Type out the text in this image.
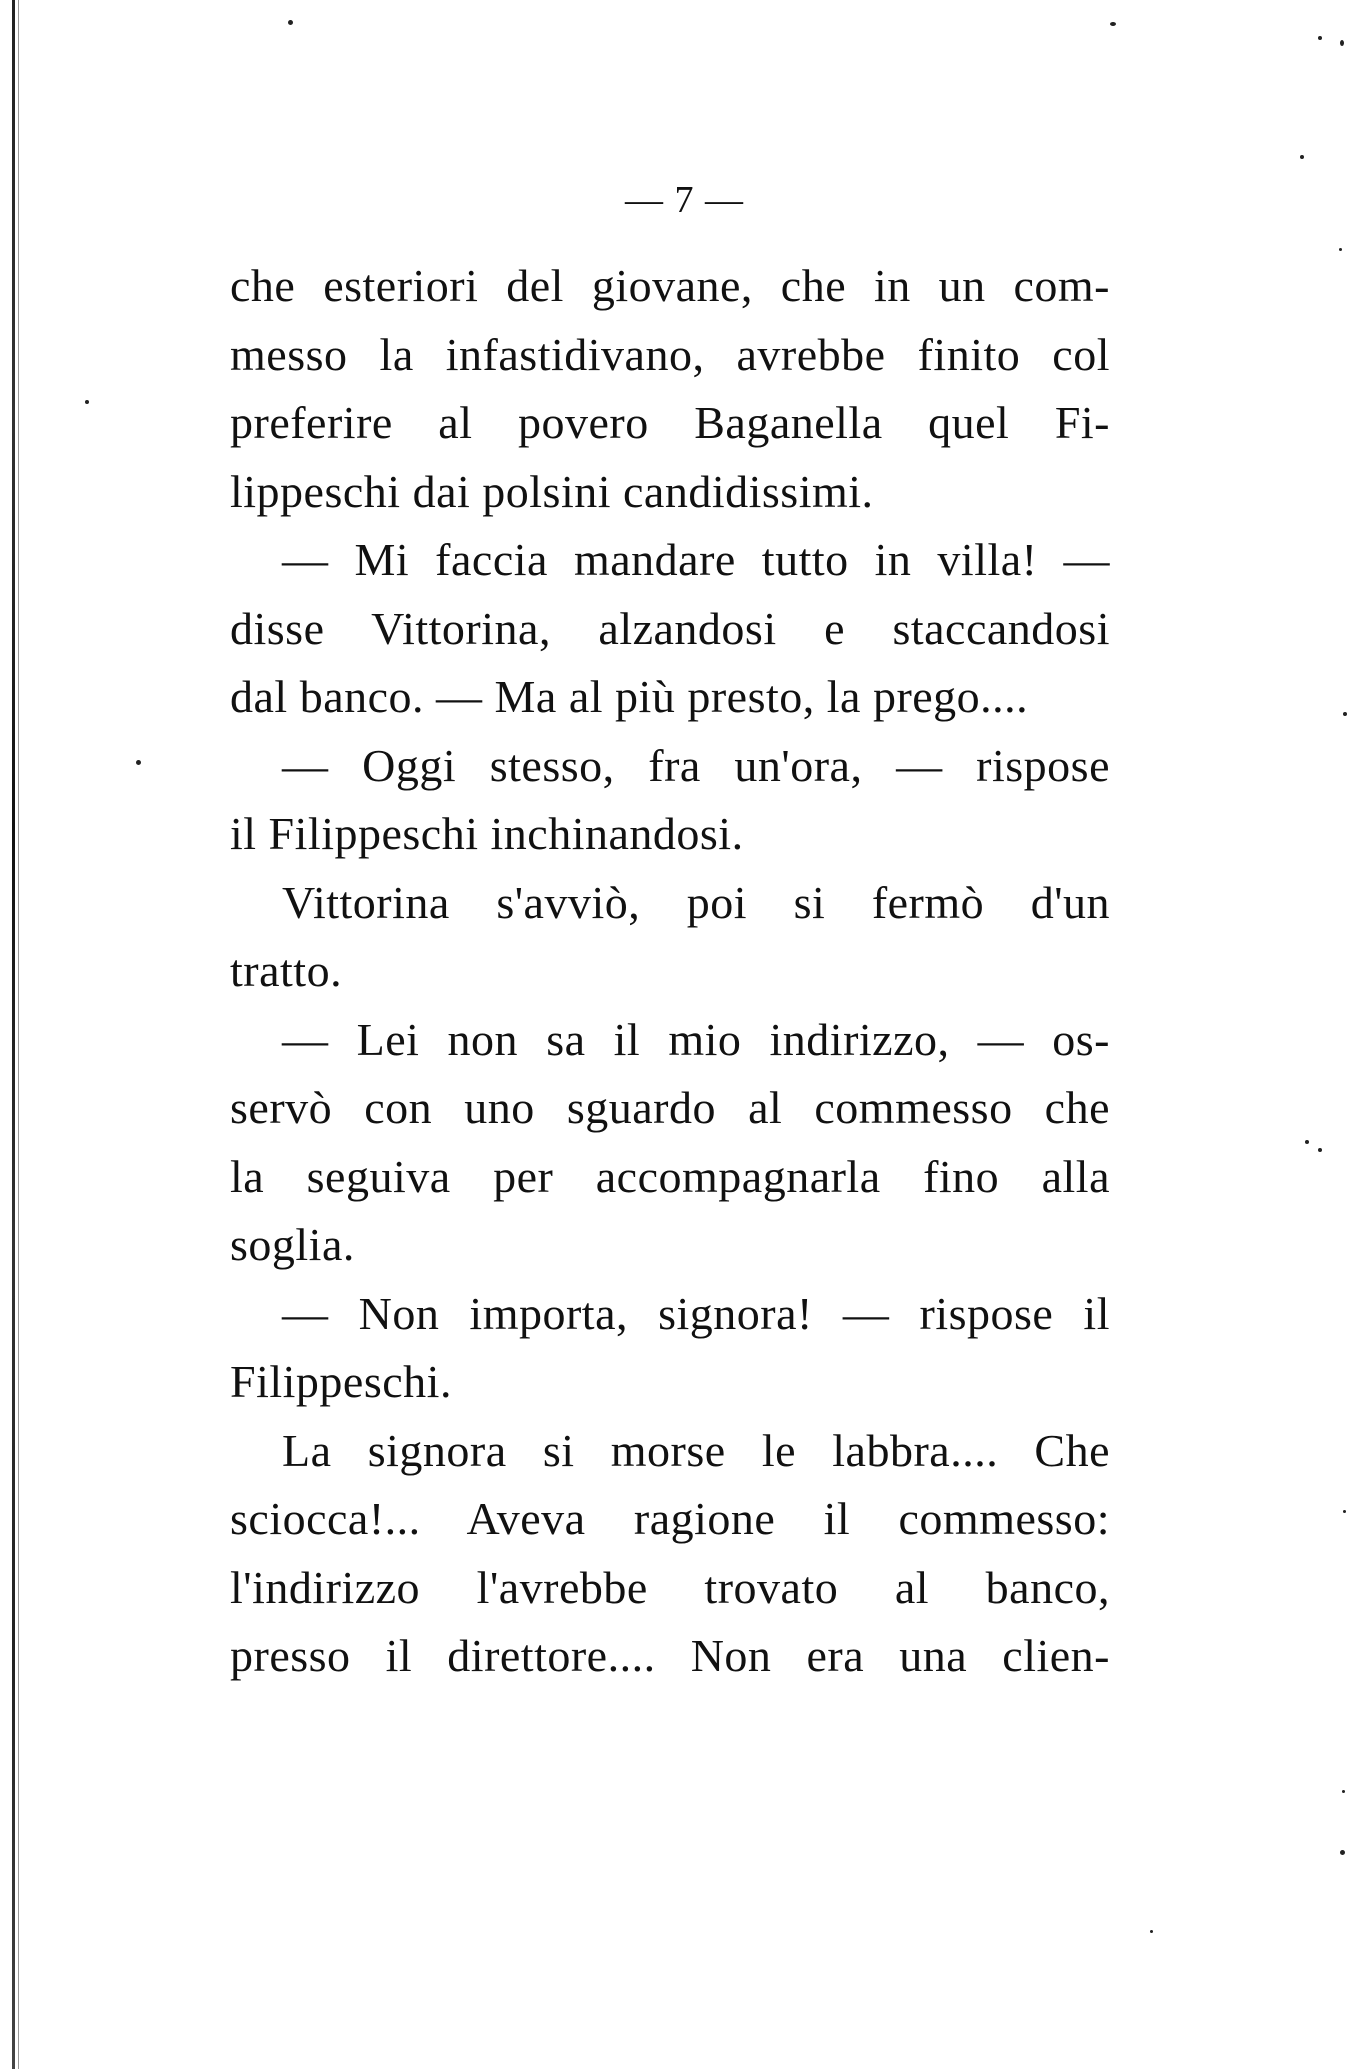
— 7 —
che esteriori del giovane, che in un com-
messo la infastidivano, avrebbe finito col
preferire al povero Baganella quel Fi-
lippeschi dai polsini candidissimi.
— Mi faccia mandare tutto in villa! —
disse Vittorina, alzandosi e staccandosi
dal banco. — Ma al più presto, la prego....
— Oggi stesso, fra un'ora, — rispose
il Filippeschi inchinandosi.
Vittorina s'avviò, poi si fermò d'un
tratto.
— Lei non sa il mio indirizzo, — os-
servò con uno sguardo al commesso che
la seguiva per accompagnarla fino alla
soglia.
— Non importa, signora! — rispose il
Filippeschi.
La signora si morse le labbra.... Che
sciocca!... Aveva ragione il commesso:
l'indirizzo l'avrebbe trovato al banco,
presso il direttore.... Non era una clien-
